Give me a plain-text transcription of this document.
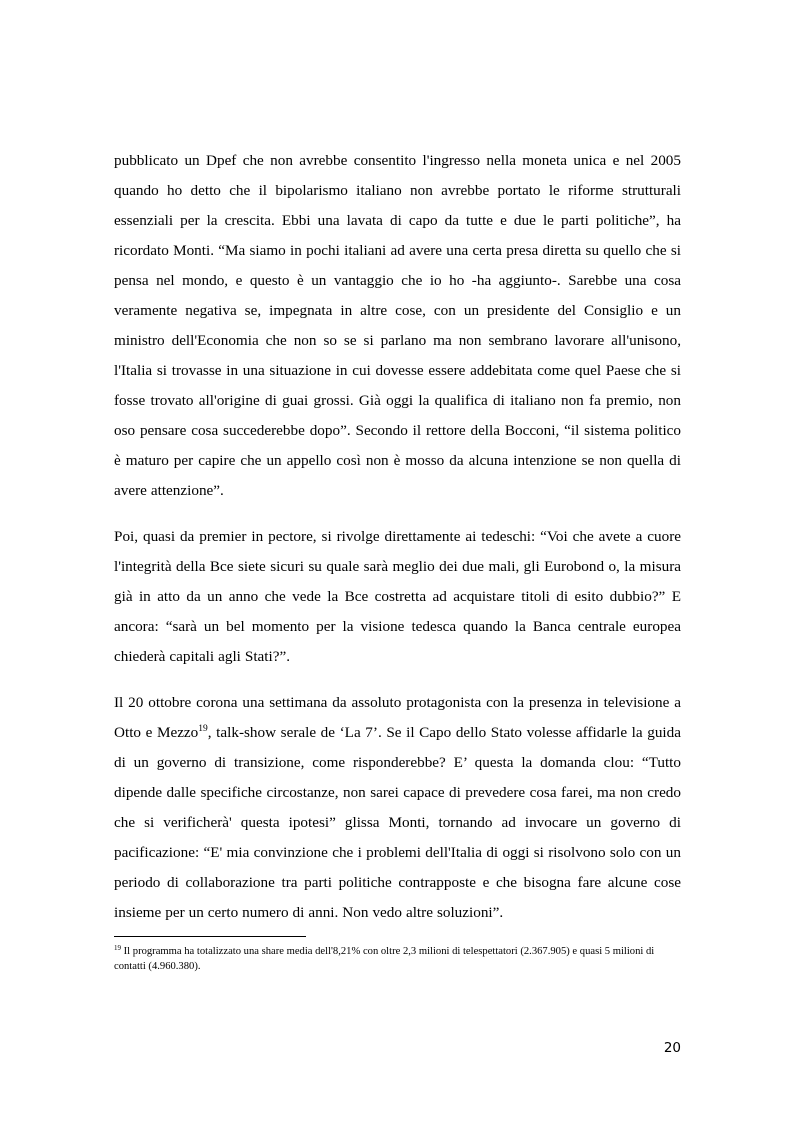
pubblicato un Dpef che non avrebbe consentito l'ingresso nella moneta unica e nel 2005 quando ho detto che il bipolarismo italiano non avrebbe portato le riforme strutturali essenziali per la crescita. Ebbi una lavata di capo da tutte e due le parti politiche”, ha ricordato Monti. “Ma siamo in pochi italiani ad avere una certa presa diretta su quello che si pensa nel mondo, e questo è un vantaggio che io ho -ha aggiunto-. Sarebbe una cosa veramente negativa se, impegnata in altre cose, con un presidente del Consiglio e un ministro dell'Economia che non so se si parlano ma non sembrano lavorare all'unisono, l'Italia si trovasse in una situazione in cui dovesse essere addebitata come quel Paese che si fosse trovato all'origine di guai grossi. Già oggi la qualifica di italiano non fa premio, non oso pensare cosa succederebbe dopo”. Secondo il rettore della Bocconi, “il sistema politico è maturo per capire che un appello così non è mosso da alcuna intenzione se non quella di avere attenzione”.

Poi, quasi da premier in pectore, si rivolge direttamente ai tedeschi: “Voi che avete a cuore l'integrità della Bce siete sicuri su quale sarà meglio dei due mali, gli Eurobond o, la misura già in atto da un anno che vede la Bce costretta ad acquistare titoli di esito dubbio?” E ancora: “sarà un bel momento per la visione tedesca quando la Banca centrale europea chiederà capitali agli Stati?”.

Il 20 ottobre corona una settimana da assoluto protagonista con la presenza in televisione a Otto e Mezzo$^{19}$, talk-show serale de ‘La 7’. Se il Capo dello Stato volesse affidarle la guida di un governo di transizione, come risponderebbe? E’ questa la domanda clou: “Tutto dipende dalle specifiche circostanze, non sarei capace di prevedere cosa farei, ma non credo che si verificherà' questa ipotesi” glissa Monti, tornando ad invocare un governo di pacificazione: “E' mia convinzione che i problemi dell'Italia di oggi si risolvono solo con un periodo di collaborazione tra parti politiche contrapposte e che bisogna fare alcune cose insieme per un certo numero di anni. Non vedo altre soluzioni”.

$^{19}$ Il programma ha totalizzato una share media dell'8,21% con oltre 2,3 milioni di telespettatori (2.367.905) e quasi 5 milioni di contatti (4.960.380).

20
